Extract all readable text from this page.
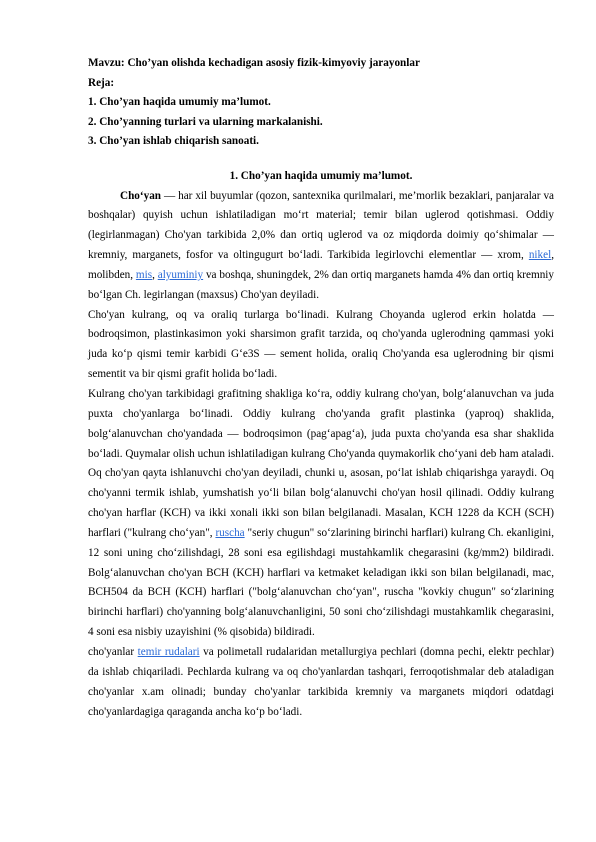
Mavzu: Cho’yan olishda kechadigan asosiy fizik-kimyoviy jarayonlar
Reja:
1. Cho’yan haqida umumiy ma’lumot.
2. Cho’yanning turlari va ularning markalanishi.
3. Cho’yan ishlab chiqarish sanoati.
1. Cho’yan haqida umumiy ma’lumot.

Choʻyan — har xil buyumlar (qozon, santexnika qurilmalari, me’morlik bezaklari, panjaralar va boshqalar) quyish uchun ishlatiladigan moʻrt material; temir bilan uglerod qotishmasi. Oddiy (legirlanmagan) Cho'yan tarkibida 2,0% dan ortiq uglerod va oz miqdorda doimiy qoʻshimalar — kremniy, marganets, fosfor va oltingugurt boʻladi. Tarkibida legirlovchi elementlar — xrom, nikel, molibden, mis, alyuminiy va boshqa, shuningdek, 2% dan ortiq marganets hamda 4% dan ortiq kremniy boʻlgan Ch. legirlangan (maxsus) Cho'yan deyiladi.

Cho'yan kulrang, oq va oraliq turlarga boʻlinadi. Kulrang Choyanda uglerod erkin holatda — bodroqsimon, plastinkasimon yoki sharsimon grafit tarzida, oq cho'yanda uglerodning qammasi yoki juda koʻp qismi temir karbidi Gʻe3S — sement holida, oraliq Cho'yanda esa uglerodning bir qismi sementit va bir qismi grafit holida boʻladi.

Kulrang cho'yan tarkibidagi grafitning shakliga koʻra, oddiy kulrang cho'yan, bolgʻalanuvchan va juda puxta cho'yanlarga boʻlinadi. Oddiy kulrang cho'yanda grafit plastinka (yaproq) shaklida, bolgʻalanuvchan cho'yandada — bodroqsimon (pagʻapagʻa), juda puxta cho'yanda esa shar shaklida boʻladi. Quymalar olish uchun ishlatiladigan kulrang Cho'yanda quymakorlik choʻyani deb ham ataladi. Oq cho'yan qayta ishlanuvchi cho'yan deyiladi, chunki u, asosan, poʻlat ishlab chiqarishga yaraydi. Oq cho'yanni termik ishlab, yumshatish yoʻli bilan bolgʻalanuvchi cho'yan hosil qilinadi. Oddiy kulrang cho'yan harflar (KCH) va ikki xonali ikki son bilan belgilanadi. Masalan, KCH 1228 da KCH (SCH) harflari ("kulrang choʻyan", ruscha "seriy chugun" soʻzlarining birinchi harflari) kulrang Ch. ekanligini, 12 soni uning choʻzilishdagi, 28 soni esa egilishdagi mustahkamlik chegarasini (kg/mm2) bildiradi. Bolgʻalanuvchan cho'yan BCH (KCH) harflari va ketmaket keladigan ikki son bilan belgilanadi, mac, BCH504 da BCH (KCH) harflari ("bolgʻalanuvchan choʻyan", ruscha "kovkiy chugun" soʻzlarining birinchi harflari) cho'yanning bolgʻalanuvchanligini, 50 soni choʻzilishdagi mustahkamlik chegarasini, 4 soni esa nisbiy uzayishini (% qisobida) bildiradi.

cho'yanlar temir rudalari va polimetall rudalaridan metallurgiya pechlari (domna pechi, elektr pechlar) da ishlab chiqariladi. Pechlarda kulrang va oq cho'yanlardan tashqari, ferroqotishmalar deb ataladigan cho'yanlar x.am olinadi; bunday cho'yanlar tarkibida kremniy va marganets miqdori odatdagi cho'yanlardagiga qaraganda ancha koʻp boʻladi.
